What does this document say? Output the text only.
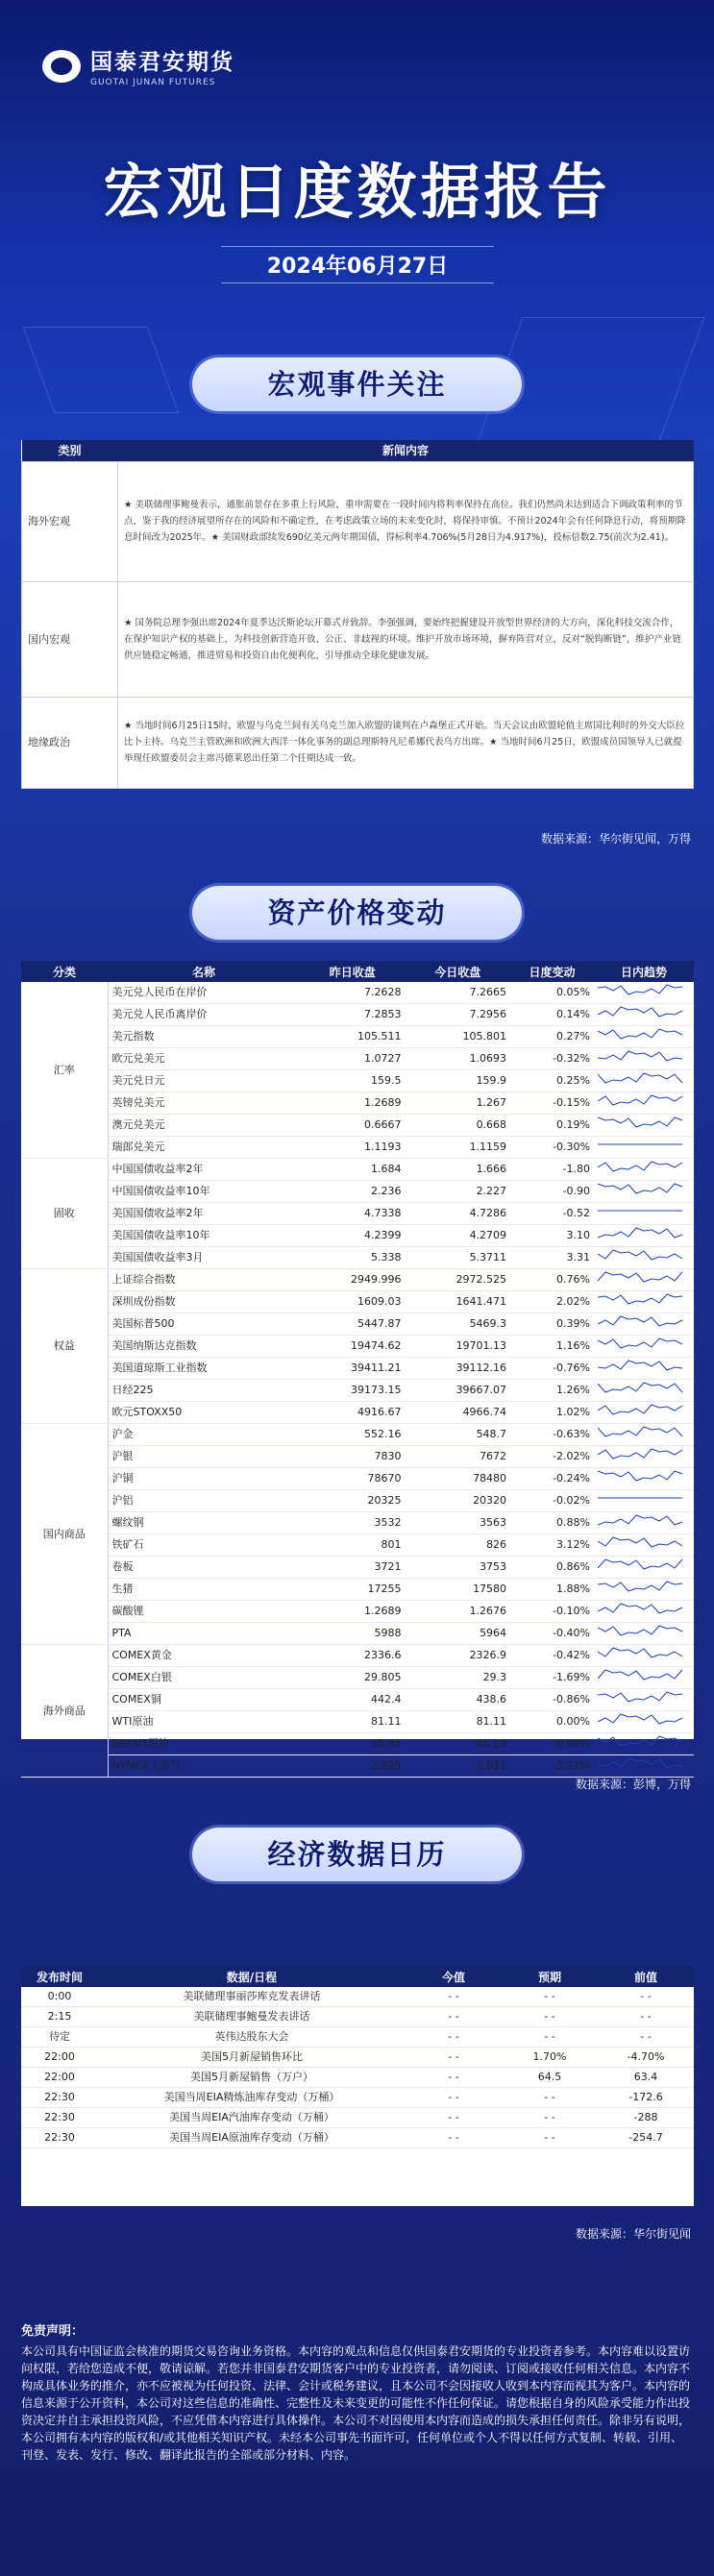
国泰君安期货
GUOTAI JUNAN FUTURES
宏观日度数据报告
2024年06月27日
宏观事件关注
类别	新闻内容
海外宏观	★ 美联储理事鲍曼表示，通胀前景存在多重上行风险，重申需要在一段时间内将利率保持在高位。我们仍然尚未达到适合下调政策利率的节点，鉴于我的经济展望所存在的风险和不确定性，在考虑政策立场的未来变化时，将保持审慎。不预计2024年会有任何降息行动，将预期降息时间改为2025年。★ 美国财政部续发690亿美元两年期国债，得标利率4.706%(5月28日为4.917%)，投标倍数2.75(前次为2.41)。
国内宏观	★ 国务院总理李强出席2024年夏季达沃斯论坛开幕式并致辞。李强强调，要始终把握建设开放型世界经济的大方向，深化科技交流合作，在保护知识产权的基础上，为科技创新营造开放、公正、非歧视的环境。维护开放市场环境，摒弃阵营对立，反对“脱钩断链”，维护产业链供应链稳定畅通，推进贸易和投资自由化便利化，引导推动全球化健康发展。
地缘政治	★ 当地时间6月25日15时，欧盟与乌克兰间有关乌克兰加入欧盟的谈判在卢森堡正式开始。当天会议由欧盟轮值主席国比利时的外交大臣拉比卜主持。乌克兰主管欧洲和欧洲大西洋一体化事务的副总理斯特凡尼希娜代表乌方出席。★ 当地时间6月25日，欧盟成员国领导人已就提举现任欧盟委员会主席冯德莱恩出任第二个任期达成一致。
数据来源：华尔街见闻，万得
资产价格变动
分类	名称	昨日收盘	今日收盘	日度变动	日内趋势
汇率	美元兑人民币在岸价	7.2628	7.2665	0.05%	
	美元兑人民币离岸价	7.2853	7.2956	0.14%	
	美元指数	105.511	105.801	0.27%	
	欧元兑美元	1.0727	1.0693	-0.32%	
	美元兑日元	159.5	159.9	0.25%	
	英镑兑美元	1.2689	1.267	-0.15%	
	澳元兑美元	0.6667	0.668	0.19%	
	瑞郎兑美元	1.1193	1.1159	-0.30%	
固收	中国国债收益率2年	1.684	1.666	-1.80	
	中国国债收益率10年	2.236	2.227	-0.90	
	美国国债收益率2年	4.7338	4.7286	-0.52	
	美国国债收益率10年	4.2399	4.2709	3.10	
	美国国债收益率3月	5.338	5.3711	3.31	
权益	上证综合指数	2949.996	2972.525	0.76%	
	深圳成份指数	1609.03	1641.471	2.02%	
	美国标普500	5447.87	5469.3	0.39%	
	美国纳斯达克指数	19474.62	19701.13	1.16%	
	美国道琼斯工业指数	39411.21	39112.16	-0.76%	
	日经225	39173.15	39667.07	1.26%	
	欧元STOXX50	4916.67	4966.74	1.02%	
国内商品	沪金	552.16	548.7	-0.63%	
	沪银	7830	7672	-2.02%	
	沪铜	78670	78480	-0.24%	
	沪铝	20325	20320	-0.02%	
	螺纹钢	3532	3563	0.88%	
	铁矿石	801	826	3.12%	
	卷板	3721	3753	0.86%	
	生猪	17255	17580	1.88%	
	碳酸锂	1.2689	1.2676	-0.10%	
	PTA	5988	5964	-0.40%	
海外商品	COMEX黄金	2336.6	2326.9	-0.42%	
	COMEX白银	29.805	29.3	-1.69%	
	COMEX铜	442.4	438.6	-0.86%	
	WTI原油	81.11	81.11	0.00%	
	BRENT原油	85.95	85.18	-0.90%	
	NYMEX天然气	2.925	2.831	-3.21%	
数据来源：彭博，万得
经济数据日历
发布时间	数据/日程	今值	预期	前值
0:00	美联储理事丽莎库克发表讲话	- -	- -	- -
2:15	美联储理事鲍曼发表讲话	- -	- -	- -
待定	英伟达股东大会	- -	- -	- -
22:00	美国5月新屋销售环比	- -	1.70%	-4.70%
22:00	美国5月新屋销售（万户）	- -	64.5	63.4
22:30	美国当周EIA精炼油库存变动（万桶）	- -	- -	-172.6
22:30	美国当周EIA汽油库存变动（万桶）	- -	- -	-288
22:30	美国当周EIA原油库存变动（万桶）	- -	- -	-254.7
数据来源：华尔街见闻
免责声明：
本公司具有中国证监会核准的期货交易咨询业务资格。本内容的观点和信息仅供国泰君安期货的专业投资者参考。本内容难以设置访问权限，若给您造成不便，敬请谅解。若您并非国泰君安期货客户中的专业投资者，请勿阅读、订阅或接收任何相关信息。本内容不构成具体业务的推介，亦不应被视为任何投资、法律、会计或税务建议，且本公司不会因接收人收到本内容而视其为客户。本内容的信息来源于公开资料，本公司对这些信息的准确性、完整性及未来变更的可能性不作任何保证。请您根据自身的风险承受能力作出投资决定并自主承担投资风险，不应凭借本内容进行具体操作。本公司不对因使用本内容而造成的损失承担任何责任。除非另有说明，本公司拥有本内容的版权和/或其他相关知识产权。未经本公司事先书面许可，任何单位或个人不得以任何方式复制、转载、引用、刊登、发表、发行、修改、翻译此报告的全部或部分材料、内容。
